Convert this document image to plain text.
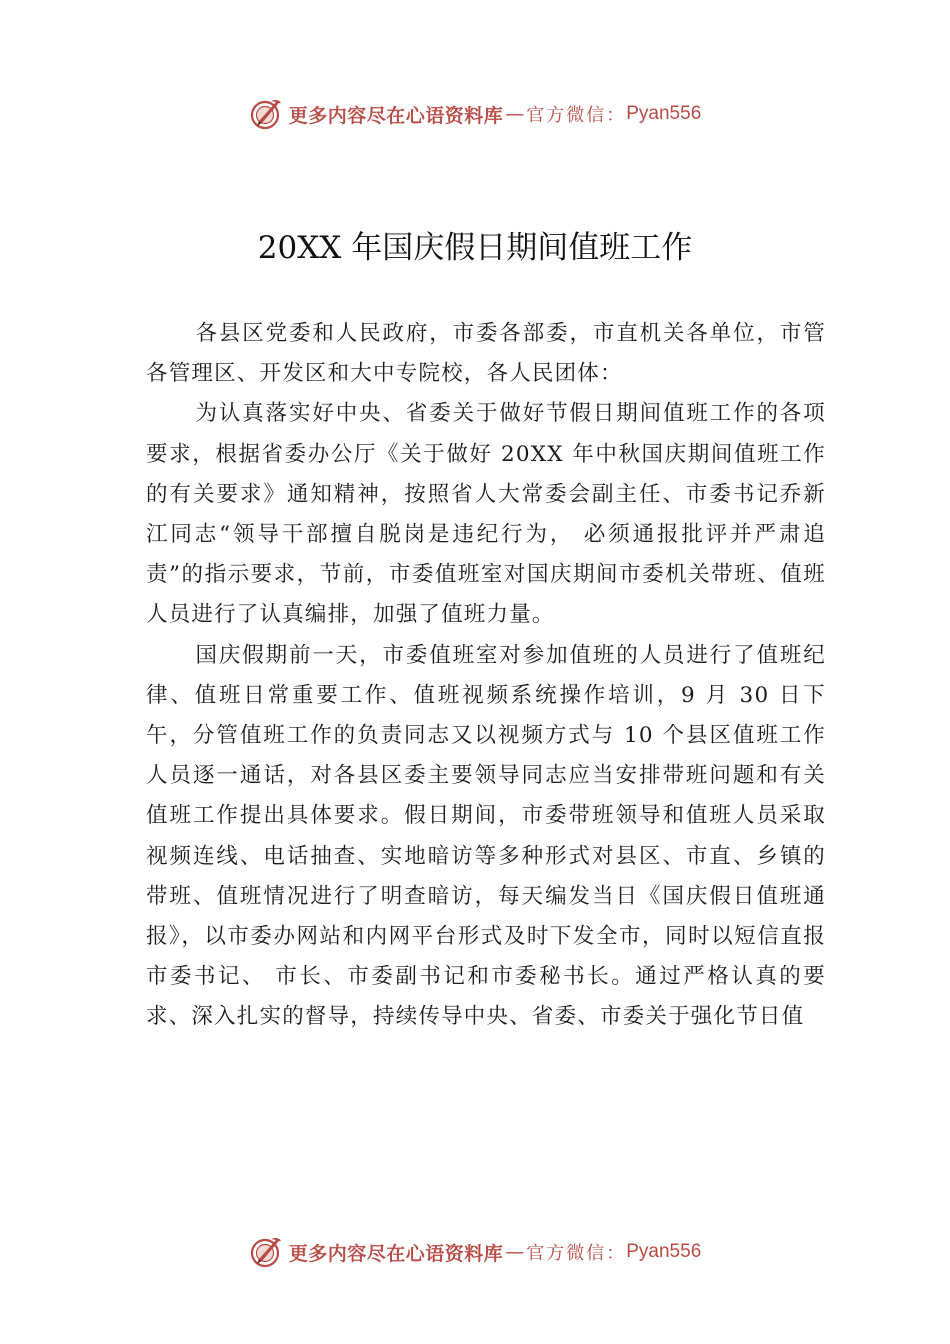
更多内容尽在心语资料库 — 官方微信： Pyan556
20XX 年国庆假日期间值班工作

各县区党委和人民政府，市委各部委，市直机关各单位，市管各管理区、开发区和大中专院校，各人民团体：

为认真落实好中央、省委关于做好节假日期间值班工作的各项要求，根据省委办公厅《关于做好 20XX 年中秋国庆期间值班工作的有关要求》通知精神，按照省人大常委会副主任、市委书记乔新江同志“领导干部擅自脱岗是违纪行为， 必须通报批评并严肃追责”的指示要求，节前，市委值班室对国庆期间市委机关带班、值班人员进行了认真编排，加强了值班力量。

国庆假期前一天，市委值班室对参加值班的人员进行了值班纪律、值班日常重要工作、值班视频系统操作培训，9 月 30 日下午，分管值班工作的负责同志又以视频方式与 10 个县区值班工作人员逐一通话，对各县区委主要领导同志应当安排带班问题和有关值班工作提出具体要求。假日期间，市委带班领导和值班人员采取视频连线、电话抽查、实地暗访等多种形式对县区、市直、乡镇的带班、值班情况进行了明查暗访，每天编发当日《国庆假日值班通报》，以市委办网站和内网平台形式及时下发全市，同时以短信直报市委书记、 市长、市委副书记和市委秘书长。通过严格认真的要求、深入扎实的督导，持续传导中央、省委、市委关于强化节日值

更多内容尽在心语资料库 — 官方微信： Pyan556
